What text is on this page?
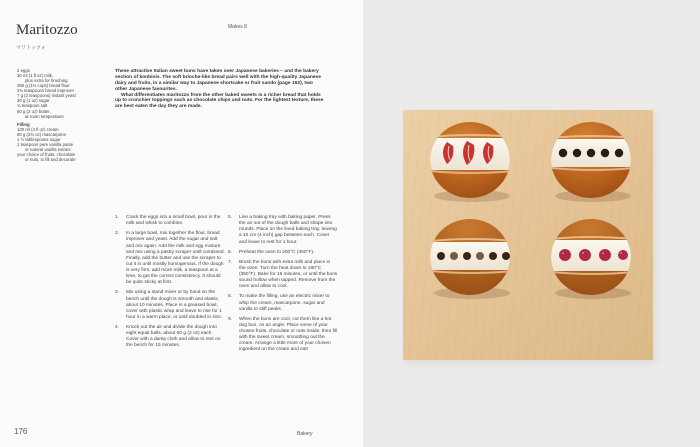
Maritozzo
マリトッツォ
Makes 8
2 eggs
30 ml (1 fl oz) milk,
plus extra for brushing
250 g (1⅔ cups) bread flour
2¾ teaspoons bread improver
7 g (2 teaspoons) instant yeast
30 g (1 oz) sugar
¾ teaspoon salt
60 g (2 oz) butter,
at room temperature
Filling
130 ml (4 fl oz) cream
80 g (2¾ oz) mascarpone
1 ½ tablespoons sugar
1 teaspoon pure vanilla paste
or natural vanilla extract
your choice of fruits, chocolate
or nuts, to fill and decorate

These attractive Italian sweet buns have taken over Japanese bakeries – and the bakery section of konbinis. The soft brioche-like bread pairs well with the high-quality Japanese dairy and fruits, in a similar way to Japanese shortcake or fruit sando (page 192), two other Japanese favourites.

What differentiates maritozzo from the other baked sweets is a richer bread that holds up to crunchier toppings such as chocolate chips and nuts. For the lightest texture, these are best eaten the day they are made.

1. Crack the eggs into a small bowl, pour in the milk and whisk to combine.
2. In a large bowl, mix together the flour, bread improver and yeast. Add the sugar and salt and mix again. Add the milk and egg mixture and mix using a pastry scraper until combined. Finally, add the butter and use the scraper to cut it in until mostly homogenous. If the dough is very firm, add more milk, a teaspoon at a time, to get the correct consistency. It should be quite sticky at first.
3. Mix using a stand mixer or by hand on the bench until the dough is smooth and elastic, about 10 minutes. Place in a greased bowl, cover with plastic wrap and leave to rise for 1 hour in a warm place, or until doubled in size.
4. Knock out the air and divide the dough into eight equal balls, about 60 g (2 oz) each. Cover with a damp cloth and allow to rest on the bench for 15 minutes.
5. Line a baking tray with baking paper. Press the air out of the dough balls and shape into rounds. Place on the lined baking tray, leaving a 10 cm (4 inch) gap between each. Cover and leave to rest for 1 hour.
6. Preheat the oven to 200°C (400°F).
7. Brush the buns with extra milk and place in the oven. Turn the heat down to 180°C (350°F). Bake for 16 minutes, or until the buns sound hollow when tapped. Remove from the oven and allow to cool.
8. To make the filling, use an electric mixer to whip the cream, mascarpone, sugar and vanilla to stiff peaks.
9. When the buns are cool, cut them like a hot dog bun, on an angle. Place some of your chosen fruits, chocolate or nuts inside, then fill with the sweet cream, smoothing out the cream. Arrange a little more of your chosen ingredient on the cream and eat!
176	Bakery
